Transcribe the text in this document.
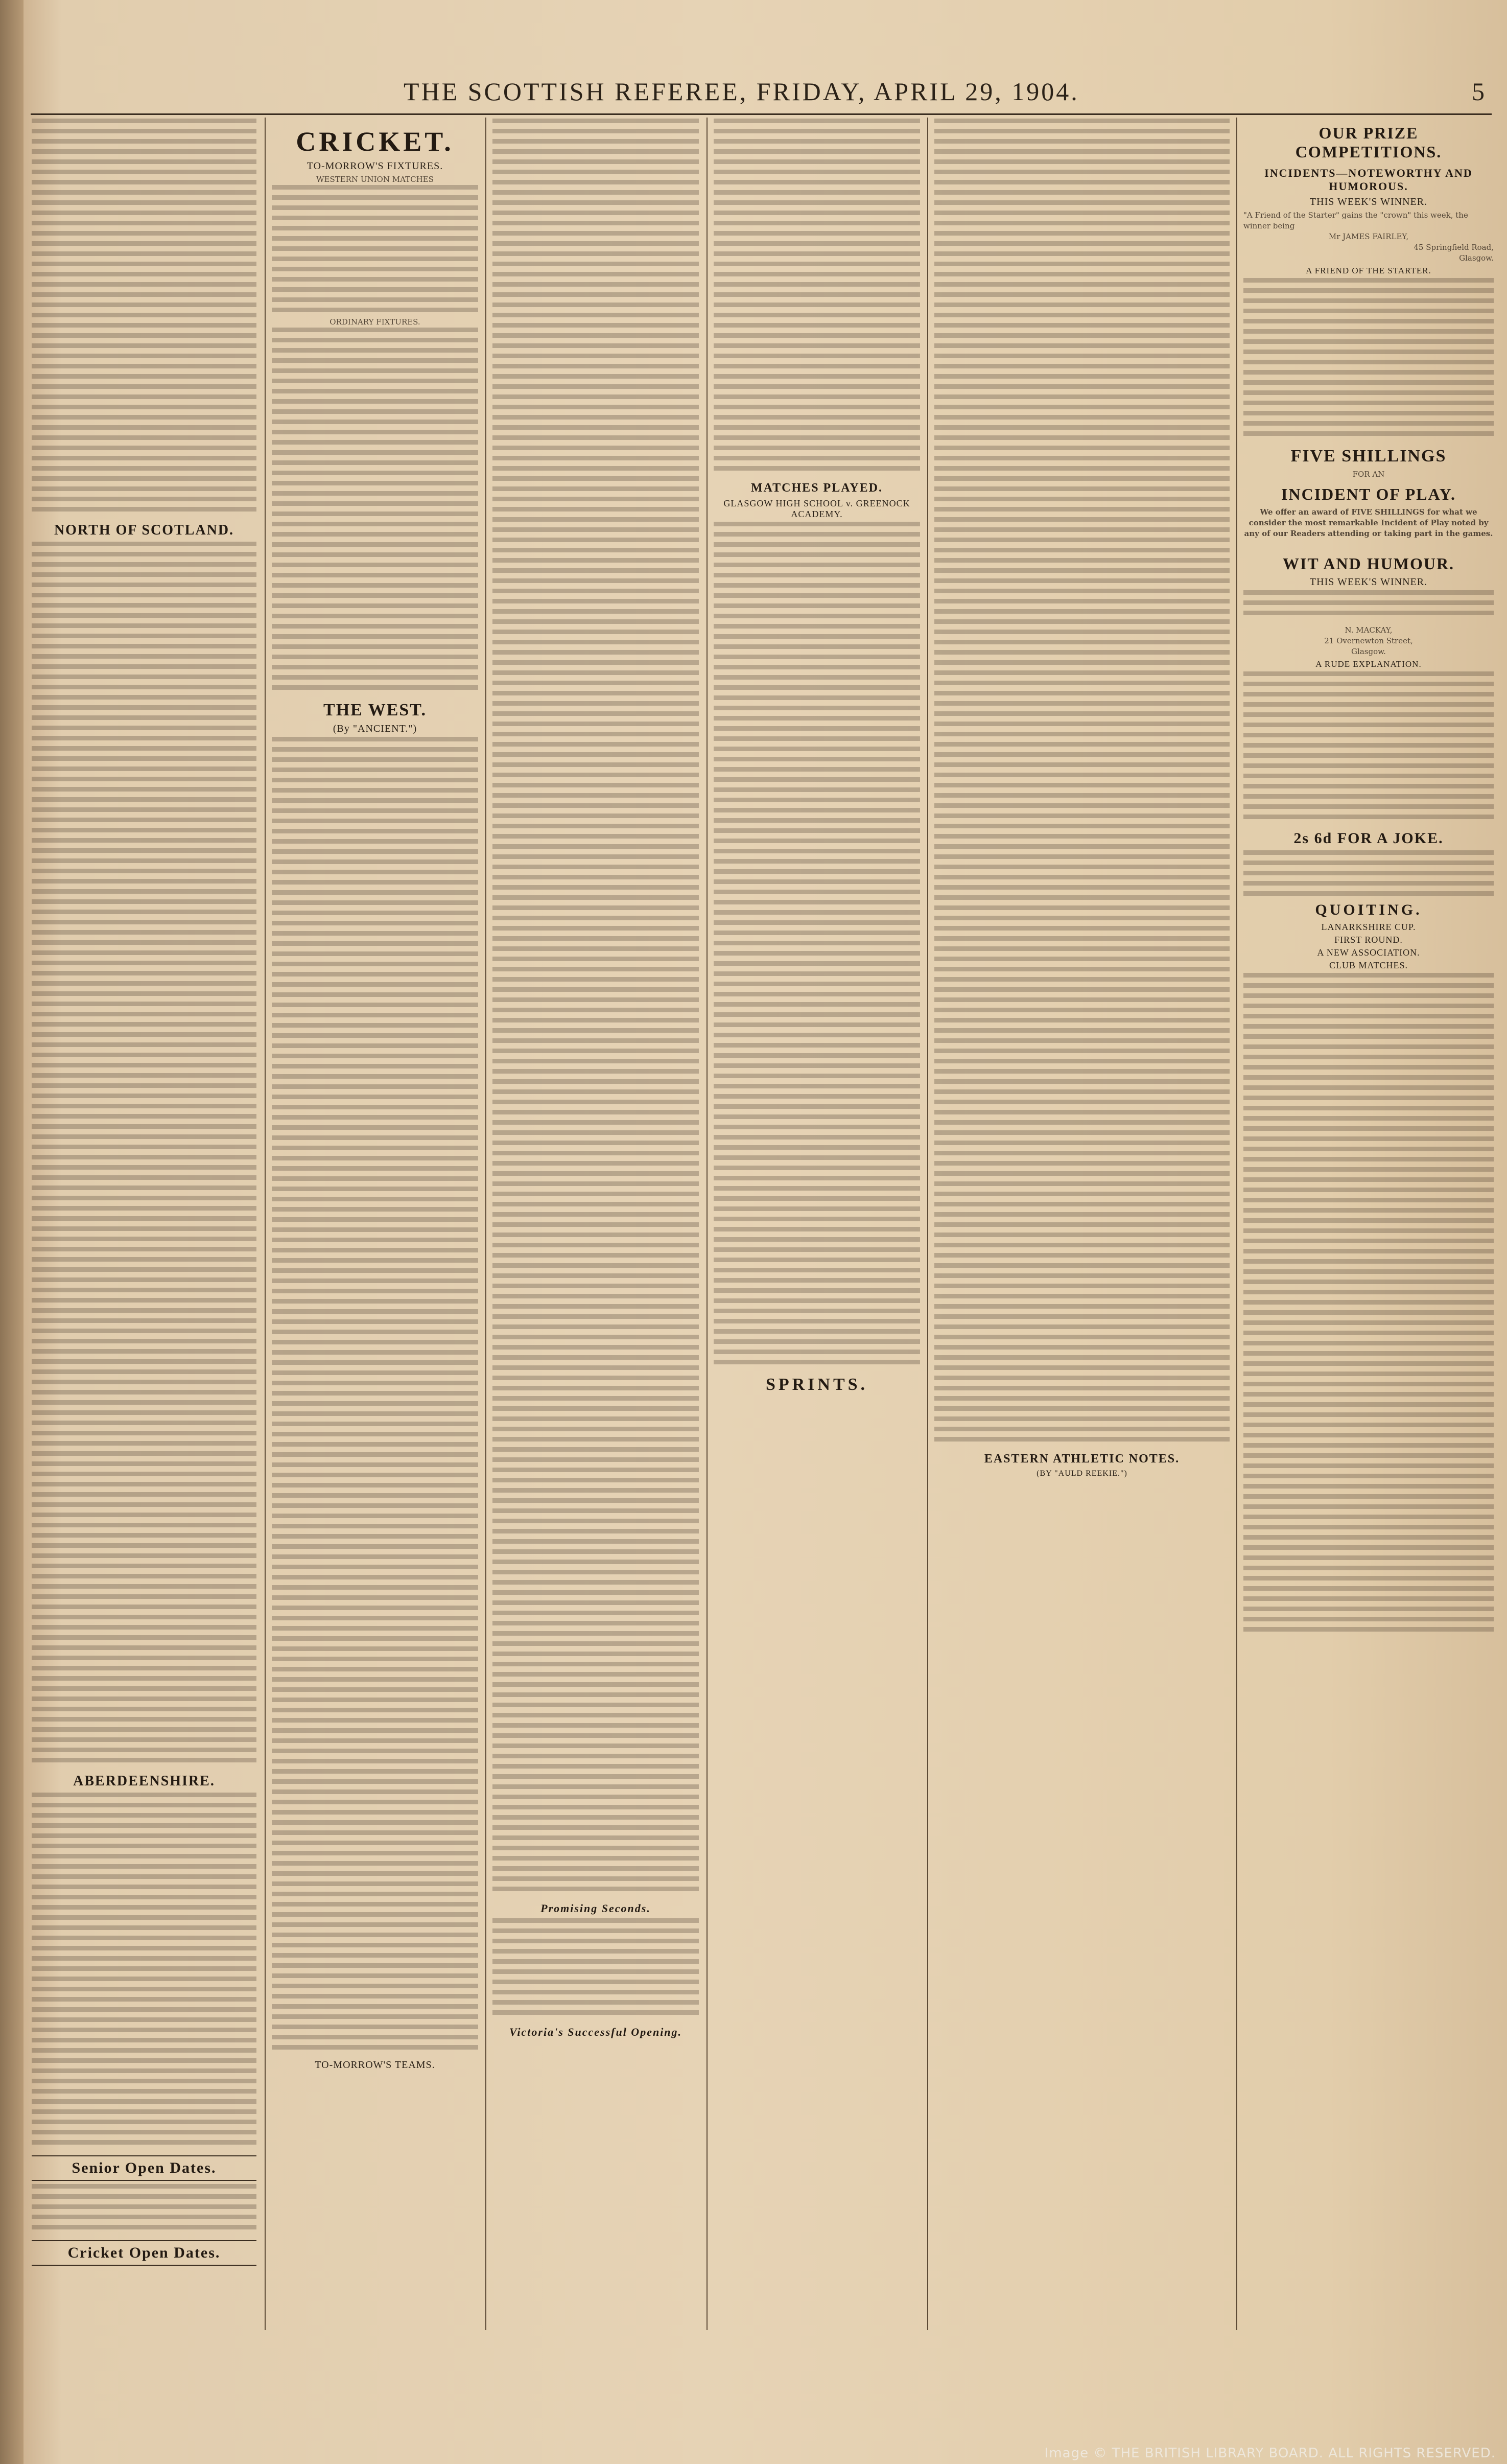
THE SCOTTISH REFEREE, FRIDAY, APRIL 29, 1904.	5
NORTH OF SCOTLAND.
ABERDEENSHIRE.
Senior Open Dates.
Cricket Open Dates.
CRICKET.
TO-MORROW'S FIXTURES.
WESTERN UNION MATCHES
ORDINARY FIXTURES.
THE WEST.
(By "ANCIENT.")
TO-MORROW'S TEAMS.
Promising Seconds.
Victoria's Successful Opening.
MATCHES PLAYED.
GLASGOW HIGH SCHOOL v. GREENOCK ACADEMY.
SPRINTS.
EASTERN ATHLETIC NOTES.
(BY "AULD REEKIE.")
OUR PRIZE COMPETITIONS.
INCIDENTS—NOTEWORTHY AND HUMOROUS.
THIS WEEK'S WINNER.
"A Friend of the Starter" gains the "crown" this week, the winner being
Mr JAMES FAIRLEY,
45 Springfield Road,
Glasgow.
A FRIEND OF THE STARTER.
FIVE SHILLINGS
FOR AN
INCIDENT OF PLAY.
We offer an award of FIVE SHILLINGS for what we consider the most remarkable Incident of Play noted by any of our Readers attending or taking part in the games.
WIT AND HUMOUR.
THIS WEEK'S WINNER.
N. MACKAY,
21 Overnewton Street,
Glasgow.
A RUDE EXPLANATION.
2s 6d FOR A JOKE.
QUOITING.
LANARKSHIRE CUP.
FIRST ROUND.
A NEW ASSOCIATION.
CLUB MATCHES.
Image © THE BRITISH LIBRARY BOARD. ALL RIGHTS RESERVED.
